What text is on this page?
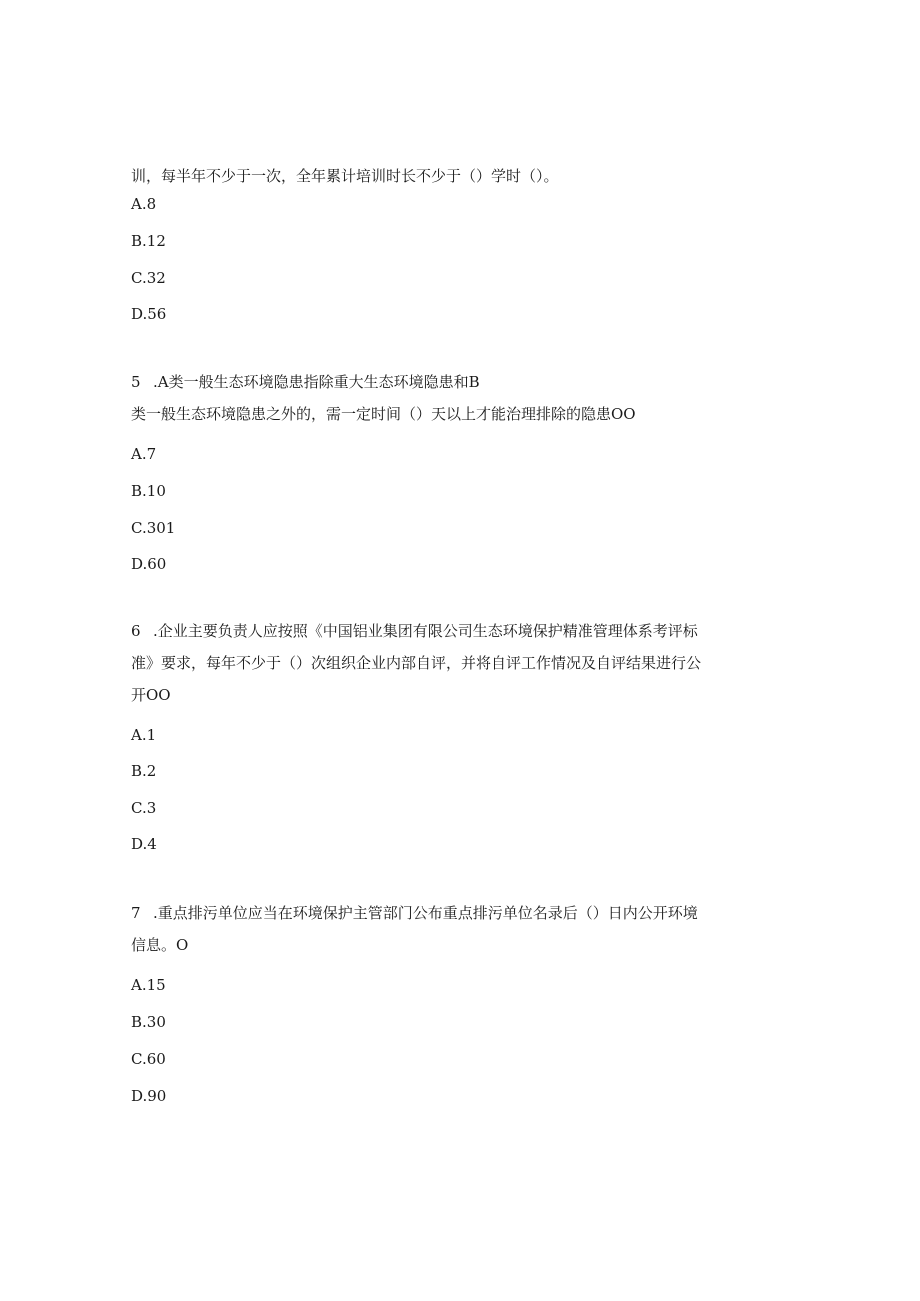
训，每半年不少于一次，全年累计培训时长不少于（）学时（）。
A.8
B.12
C.32
D.56
5 .A类一般生态环境隐患指除重大生态环境隐患和B
类一般生态环境隐患之外的，需一定时间（）天以上才能治理排除的隐患OO
A.7
B.10
C.301
D.60
6 .企业主要负责人应按照《中国铝业集团有限公司生态环境保护精准管理体系考评标
准》要求，每年不少于（）次组织企业内部自评，并将自评工作情况及自评结果进行公
开OO
A.1
B.2
C.3
D.4
7 .重点排污单位应当在环境保护主管部门公布重点排污单位名录后（）日内公开环境
信息。O
A.15
B.30
C.60
D.90
